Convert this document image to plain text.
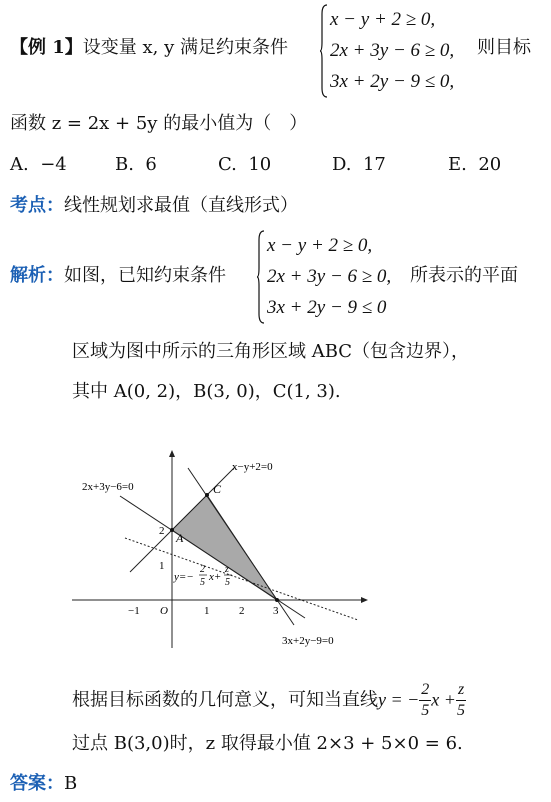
【例 1】设变量 x, y 满足约束条件
x − y + 2 ≥ 0,
2x + 3y − 6 ≥ 0,
3x + 2y − 9 ≤ 0,
则目标
函数 z = 2x + 5y 的最小值为（　）
A. −4	B. 6	C. 10	D. 17	E. 20
考点：线性规划求最值（直线形式）
解析：如图，已知约束条件
x − y + 2 ≥ 0,
2x + 3y − 6 ≥ 0,
3x + 2y − 9 ≤ 0
所表示的平面
区域为图中所示的三角形区域 ABC（包含边界），
其中 A(0, 2)，B(3, 0)，C(1, 3).
x−y+2=0
2x+3y−6=0
3x+2y−9=0
A
C
y=−
2
5 x+
z
5
−1 O	1	2	3
1
2
根据目标函数的几何意义，可知当直线y = − $\frac{2}{5}$ $x + \frac{z}{5}$
过点 B(3,0)时，z 取得最小值 2×3 + 5×0 = 6.
答案：B
